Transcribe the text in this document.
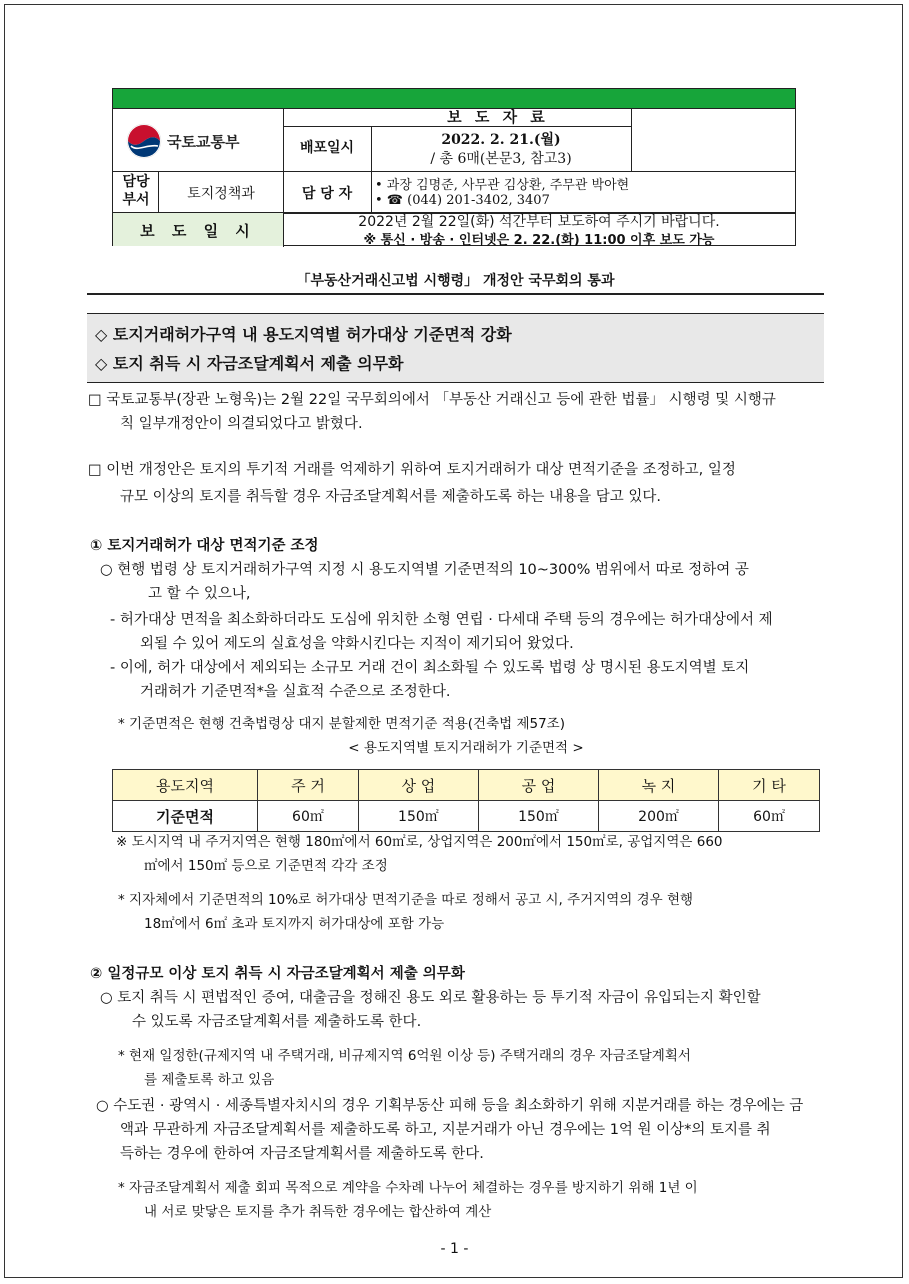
국토교통부
보 도 자 료
배포일시	2022. 2. 21.(월)
/ 총 6매(본문3, 참고3)
담당 부서	토지정책과	담 당 자
• 과장 김명준, 사무관 김상환, 주무관 박아현
• ☎ (044) 201-3402, 3407
보 도 일 시	2022년 2월 22일(화) 석간부터 보도하여 주시기 바랍니다.
※ 통신 · 방송 · 인터넷은 2. 22.(화) 11:00 이후 보도 가능
「부동산거래신고법 시행령」 개정안 국무회의 통과
◇ 토지거래허가구역 내 용도지역별 허가대상 기준면적 강화
◇ 토지 취득 시 자금조달계획서 제출 의무화
□ 국토교통부(장관 노형욱)는 2월 22일 국무회의에서 「부동산 거래신고 등에 관한 법률」 시행령 및 시행규
칙 일부개정안이 의결되었다고 밝혔다.
□ 이번 개정안은 토지의 투기적 거래를 억제하기 위하여 토지거래허가 대상 면적기준을 조정하고, 일정
규모 이상의 토지를 취득할 경우 자금조달계획서를 제출하도록 하는 내용을 담고 있다.
① 토지거래허가 대상 면적기준 조정
○ 현행 법령 상 토지거래허가구역 지정 시 용도지역별 기준면적의 10~300% 범위에서 따로 정하여 공
고 할 수 있으나,
- 허가대상 면적을 최소화하더라도 도심에 위치한 소형 연립 · 다세대 주택 등의 경우에는 허가대상에서 제
외될 수 있어 제도의 실효성을 약화시킨다는 지적이 제기되어 왔었다.
- 이에, 허가 대상에서 제외되는 소규모 거래 건이 최소화될 수 있도록 법령 상 명시된 용도지역별 토지
거래허가 기준면적*을 실효적 수준으로 조정한다.
* 기준면적은 현행 건축법령상 대지 분할제한 면적기준 적용(건축법 제57조)
< 용도지역별 토지거래허가 기준면적 >
용도지역	주 거	상 업	공 업	녹 지	기 타
기준면적	60㎡	150㎡	150㎡	200㎡	60㎡
※ 도시지역 내 주거지역은 현행 180㎡에서 60㎡로, 상업지역은 200㎡에서 150㎡로, 공업지역은 660
㎡에서 150㎡ 등으로 기준면적 각각 조정
* 지자체에서 기준면적의 10%로 허가대상 면적기준을 따로 정해서 공고 시, 주거지역의 경우 현행
18㎡에서 6㎡ 초과 토지까지 허가대상에 포함 가능
② 일정규모 이상 토지 취득 시 자금조달계획서 제출 의무화
○ 토지 취득 시 편법적인 증여, 대출금을 정해진 용도 외로 활용하는 등 투기적 자금이 유입되는지 확인할
수 있도록 자금조달계획서를 제출하도록 한다.
* 현재 일정한(규제지역 내 주택거래, 비규제지역 6억원 이상 등) 주택거래의 경우 자금조달계획서
를 제출토록 하고 있음
○ 수도권 · 광역시 · 세종특별자치시의 경우 기획부동산 피해 등을 최소화하기 위해 지분거래를 하는 경우에는 금
액과 무관하게 자금조달계획서를 제출하도록 하고, 지분거래가 아닌 경우에는 1억 원 이상*의 토지를 취
득하는 경우에 한하여 자금조달계획서를 제출하도록 한다.
* 자금조달계획서 제출 회피 목적으로 계약을 수차례 나누어 체결하는 경우를 방지하기 위해 1년 이
내 서로 맞닿은 토지를 추가 취득한 경우에는 합산하여 계산
- 1 -
